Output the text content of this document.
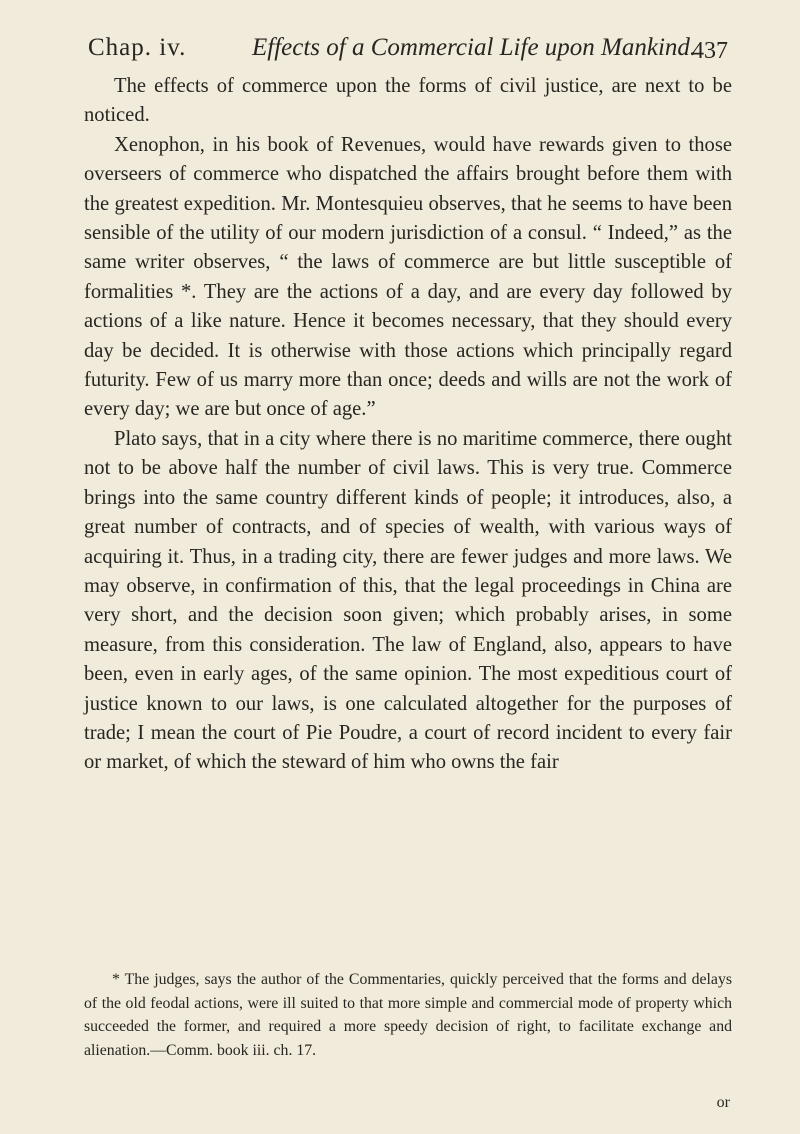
Chap. iv.	Effects of a Commercial Life upon Mankind.
437

The effects of commerce upon the forms of civil justice, are next to be noticed.

Xenophon, in his book of Revenues, would have rewards given to those overseers of commerce who dispatched the affairs brought before them with the greatest expedition. Mr. Montesquieu observes, that he seems to have been sensible of the utility of our modern jurisdiction of a consul. “ Indeed,” as the same writer observes, “ the laws of commerce are but little susceptible of formalities *. They are the actions of a day, and are every day followed by actions of a like nature. Hence it becomes necessary, that they should every day be decided. It is otherwise with those actions which principally regard futurity. Few of us marry more than once; deeds and wills are not the work of every day; we are but once of age.”

Plato says, that in a city where there is no maritime commerce, there ought not to be above half the number of civil laws. This is very true. Commerce brings into the same country different kinds of people; it introduces, also, a great number of contracts, and of species of wealth, with various ways of acquiring it. Thus, in a trading city, there are fewer judges and more laws. We may observe, in confirmation of this, that the legal proceedings in China are very short, and the decision soon given; which probably arises, in some measure, from this consideration. The law of England, also, appears to have been, even in early ages, of the same opinion. The most expeditious court of justice known to our laws, is one calculated altogether for the purposes of trade; I mean the court of Pie Poudre, a court of record incident to every fair or market, of which the steward of him who owns the fair

* The judges, says the author of the Commentaries, quickly perceived that the forms and delays of the old feodal actions, were ill suited to that more simple and commercial mode of property which succeeded the former, and required a more speedy decision of right, to facilitate exchange and alienation.—Comm. book iii. ch. 17.

or
